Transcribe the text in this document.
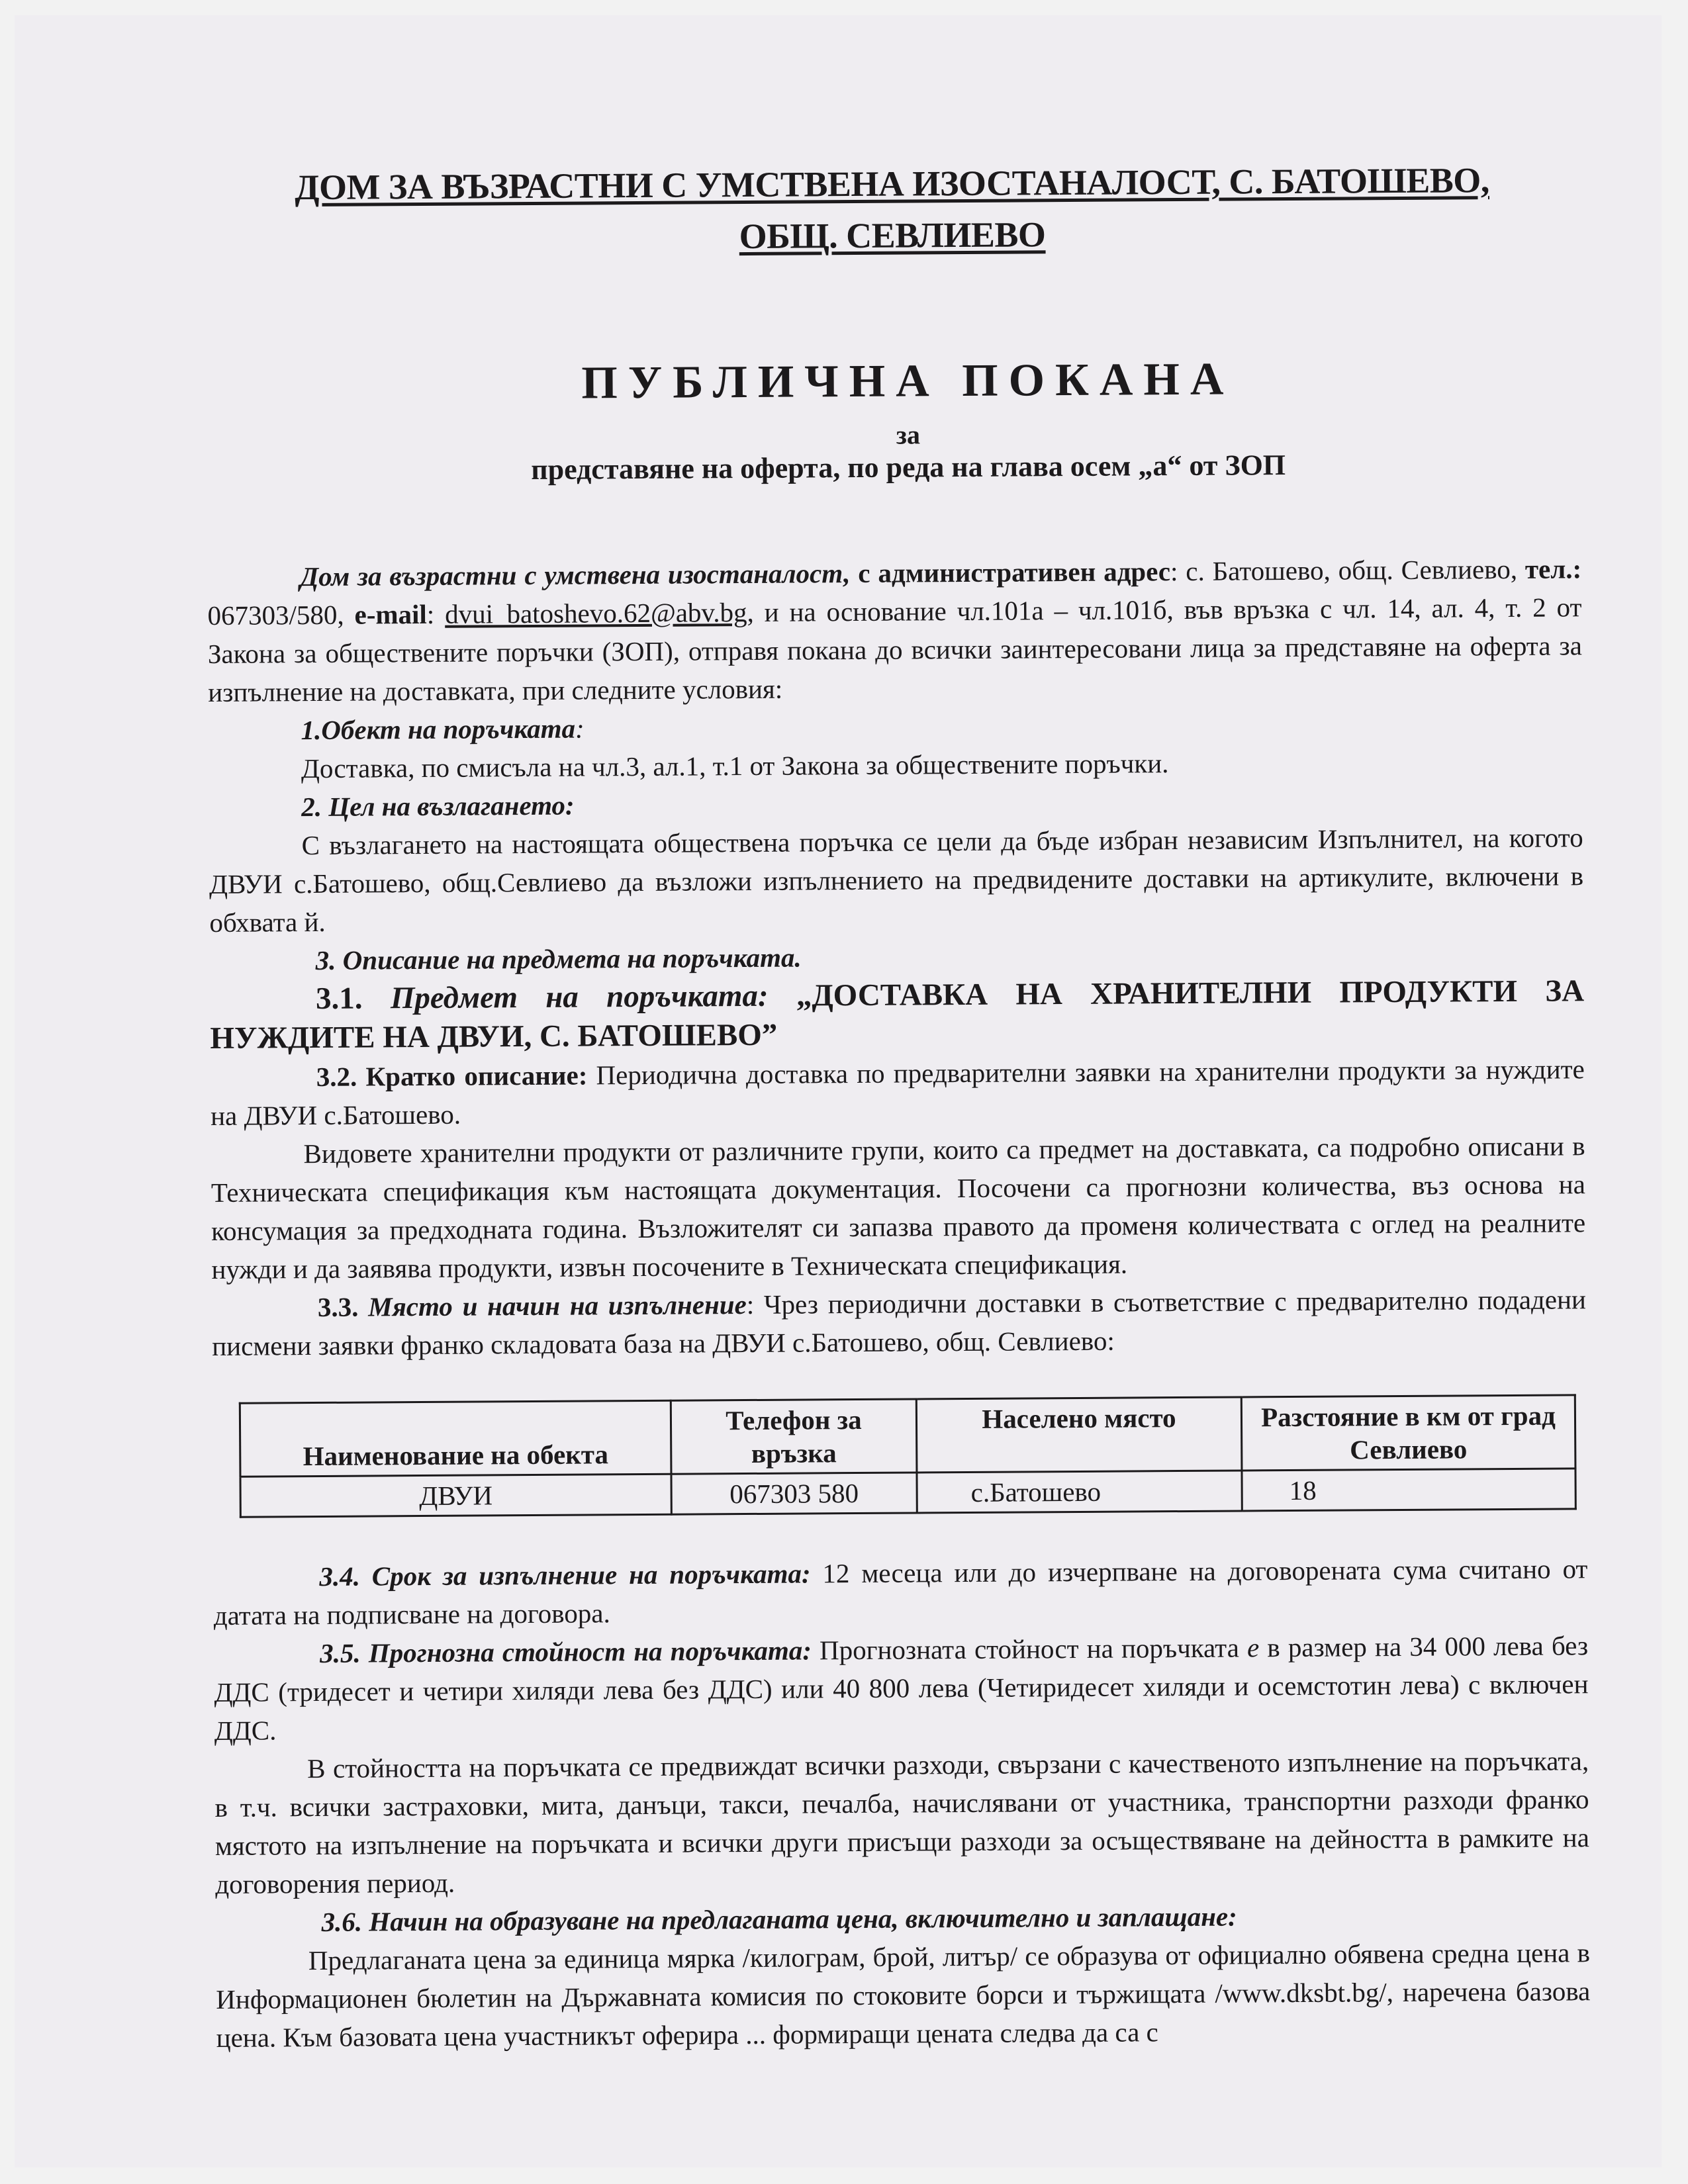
ДОМ ЗА ВЪЗРАСТНИ С УМСТВЕНА ИЗОСТАНАЛОСТ, С. БАТОШЕВО,
ОБЩ. СЕВЛИЕВО
ПУБЛИЧНА ПОКАНА
за
представяне на оферта, по реда на глава осем „а“ от ЗОП

Дом за възрастни с умствена изостаналост, с административен адрес: с. Батошево, общ. Севлиево, тел.: 067303/580, e-mail: dvui_batoshevo.62@abv.bg, и на основание чл.101а – чл.101б, във връзка с чл. 14, ал. 4, т. 2 от Закона за обществените поръчки (ЗОП), отправя покана до всички заинтересовани лица за представяне на оферта за изпълнение на доставката, при следните условия:

1.Обект на поръчката:

Доставка, по смисъла на чл.3, ал.1, т.1 от Закона за обществените поръчки.

2. Цел на възлагането:

С възлагането на настоящата обществена поръчка се цели да бъде избран независим Изпълнител, на когото ДВУИ с.Батошево, общ.Севлиево да възложи изпълнението на предвидените доставки на артикулите, включени в обхвата й.

3. Описание на предмета на поръчката.

3.1. Предмет на поръчката: „ДОСТАВКА НА ХРАНИТЕЛНИ ПРОДУКТИ ЗА НУЖДИТЕ НА ДВУИ, С. БАТОШЕВО”

3.2. Кратко описание: Периодична доставка по предварителни заявки на хранителни продукти за нуждите на ДВУИ с.Батошево.

Видовете хранителни продукти от различните групи, които са предмет на доставката, са подробно описани в Техническата спецификация към настоящата документация. Посочени са прогнозни количества, въз основа на консумация за предходната година. Възложителят си запазва правото да променя количествата с оглед на реалните нужди и да заявява продукти, извън посочените в Техническата спецификация.

3.3. Място и начин на изпълнение: Чрез периодични доставки в съответствие с предварително подадени писмени заявки франко складовата база на ДВУИ с.Батошево, общ. Севлиево:

Наименование на обекта	Телефон за връзка	Населено място	Разстояние в км от град Севлиево
ДВУИ	067303 580	с.Батошево	18

3.4. Срок за изпълнение на поръчката: 12 месеца или до изчерпване на договорената сума считано от датата на подписване на договора.

3.5. Прогнозна стойност на поръчката: Прогнозната стойност на поръчката е в размер на 34 000 лева без ДДС (тридесет и четири хиляди лева без ДДС) или 40 800 лева (Четиридесет хиляди и осемстотин лева) с включен ДДС.

В стойността на поръчката се предвиждат всички разходи, свързани с качественото изпълнение на поръчката, в т.ч. всички застраховки, мита, данъци, такси, печалба, начислявани от участника, транспортни разходи франко мястото на изпълнение на поръчката и всички други присъщи разходи за осъществяване на дейността в рамките на договорения период.

3.6. Начин на образуване на предлаганата цена, включително и заплащане:

Предлаганата цена за единица мярка /килограм, брой, литър/ се образува от официално обявена средна цена в Информационен бюлетин на Държавната комисия по стоковите борси и тържищата /www.dksbt.bg/, наречена базова цена. Към базовата цена участникът оферира ... формиращи цената следва да са с
